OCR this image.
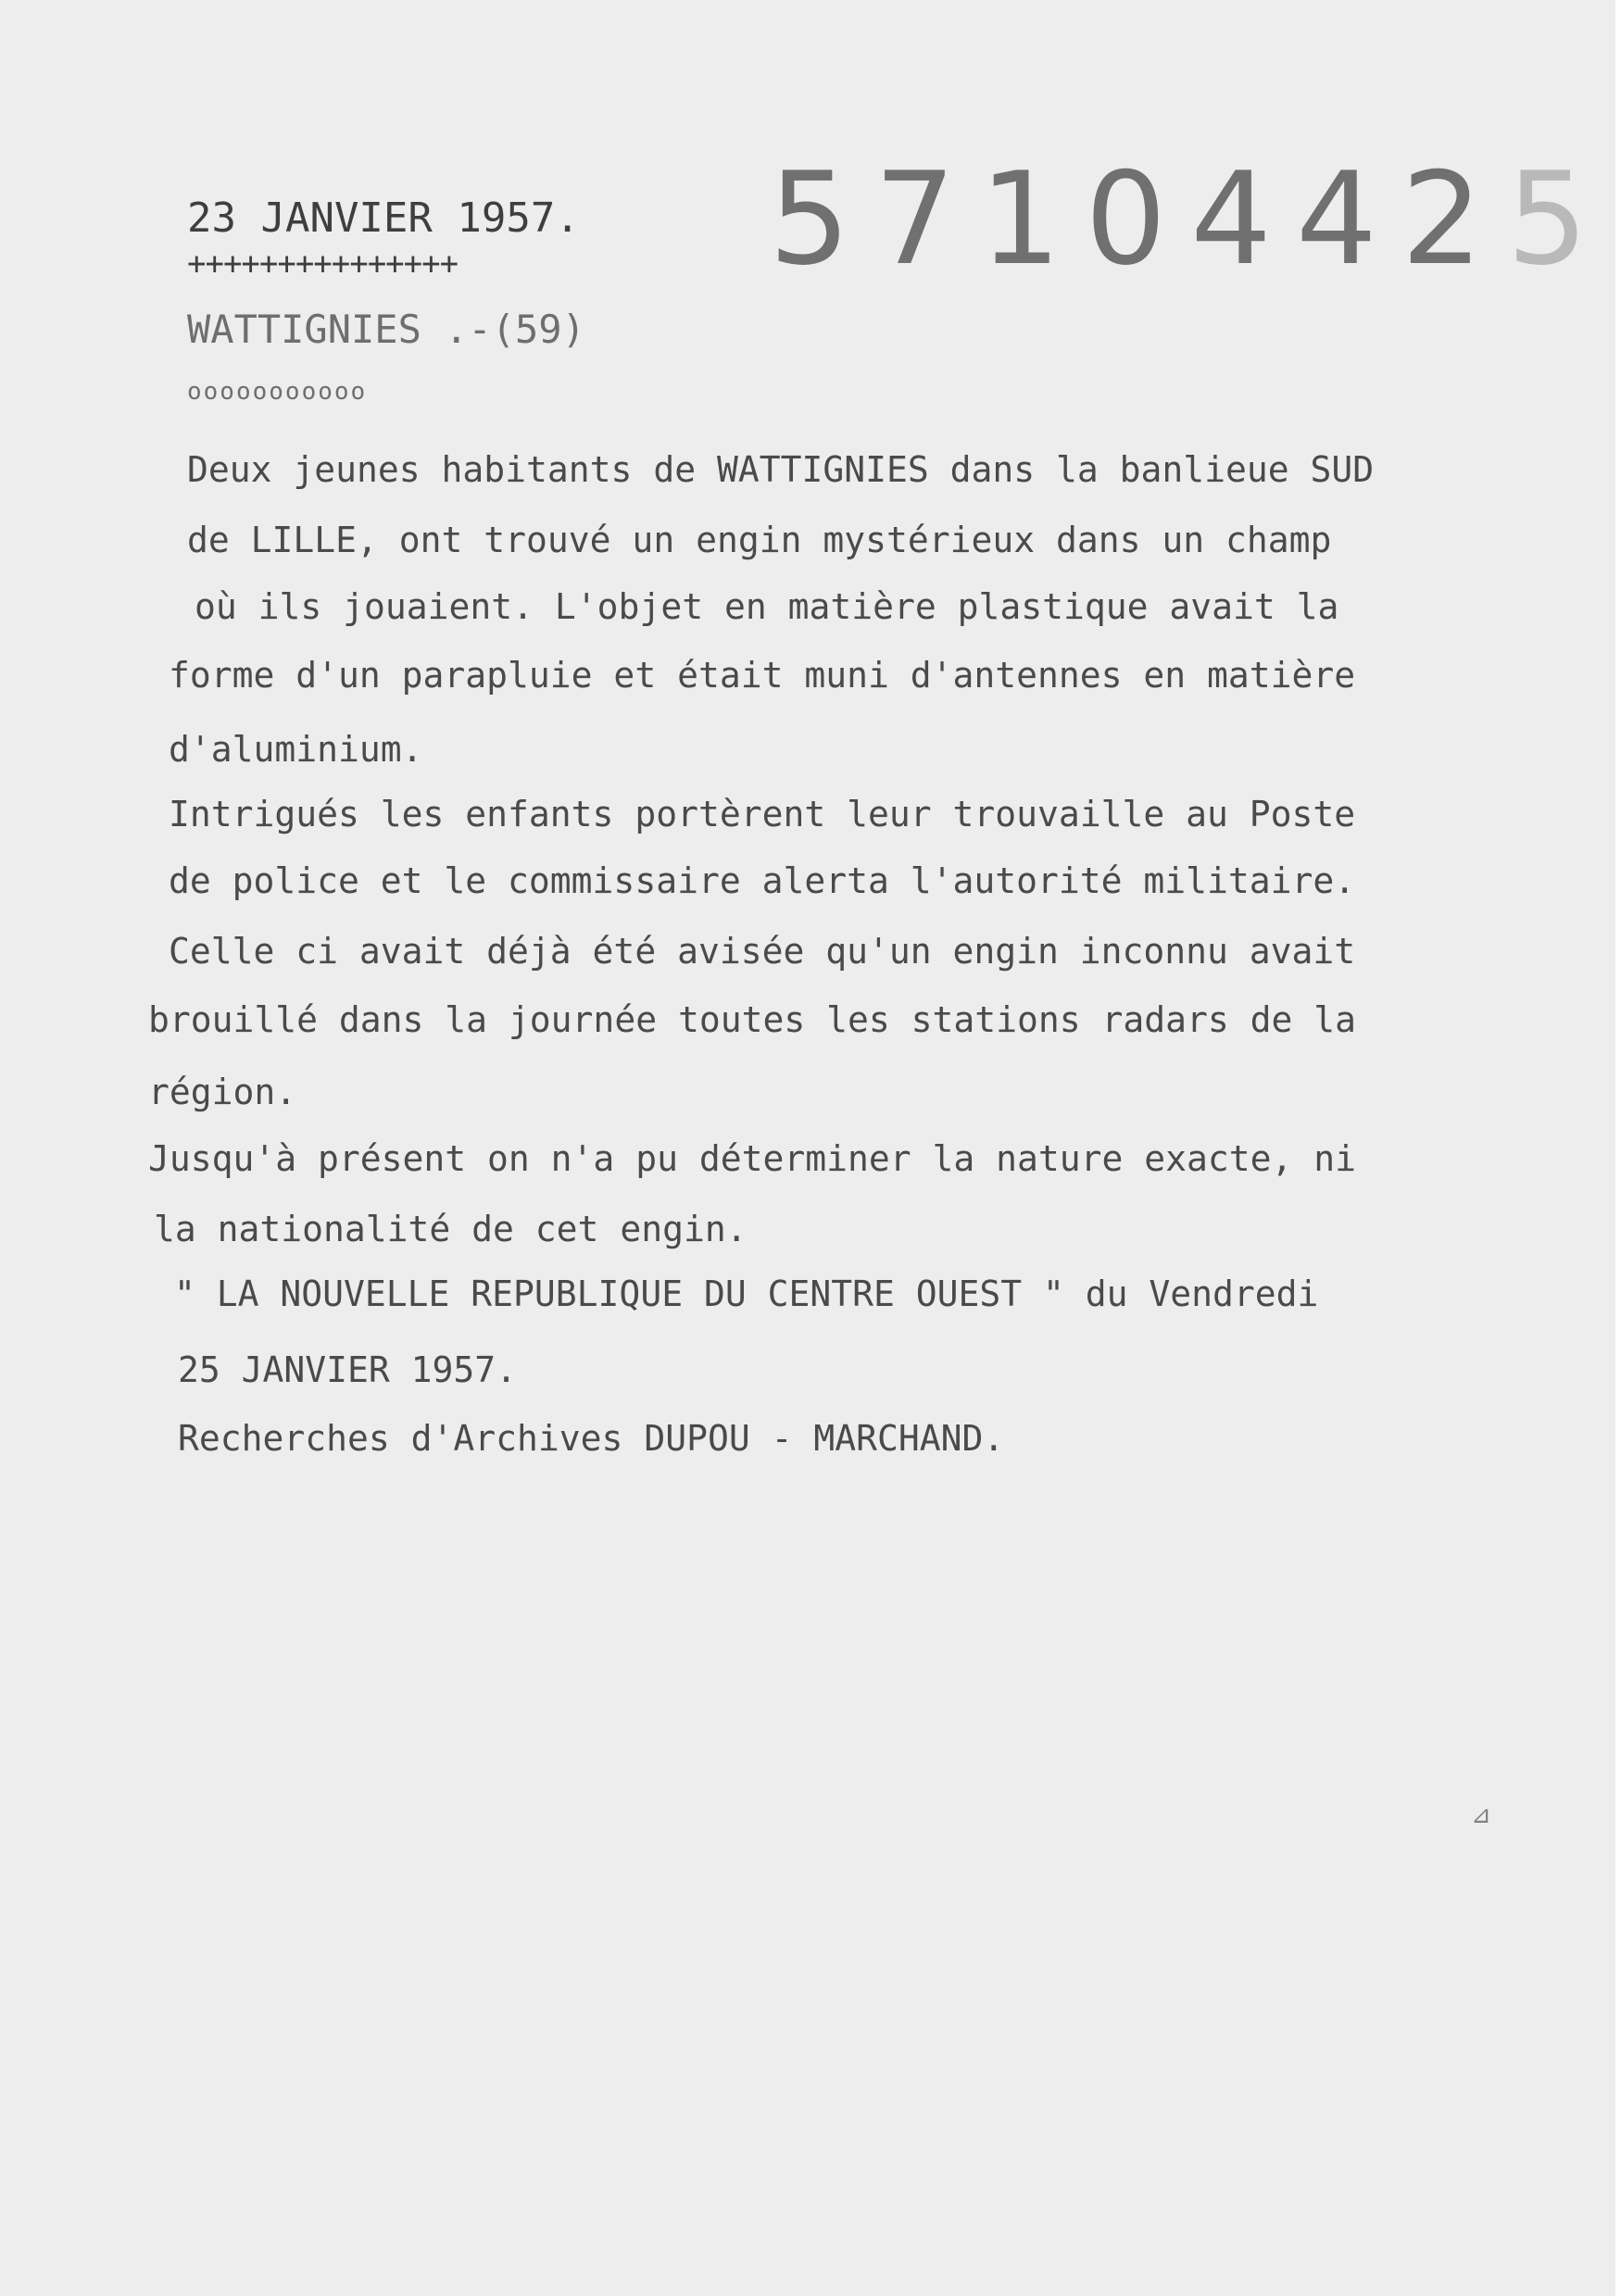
23 JANVIER 1957.
+++++++++++++++
WATTIGNIES .-(59)
ooooooooooo
57104425
Deux jeunes habitants de WATTIGNIES dans la banlieue SUD
de LILLE, ont trouvé un engin mystérieux dans un champ
où ils jouaient. L'objet en matière plastique avait la
forme d'un parapluie et était muni d'antennes en matière
d'aluminium.
Intrigués les enfants portèrent leur trouvaille au Poste
de police et le commissaire alerta l'autorité militaire.
Celle ci avait déjà été avisée qu'un engin inconnu avait
brouillé dans la journée toutes les stations radars de la
région.
Jusqu'à présent on n'a pu déterminer la nature exacte, ni
la nationalité de cet engin.
" LA NOUVELLE REPUBLIQUE DU CENTRE OUEST " du Vendredi
25 JANVIER 1957.
Recherches d'Archives DUPOU - MARCHAND.
⊿
